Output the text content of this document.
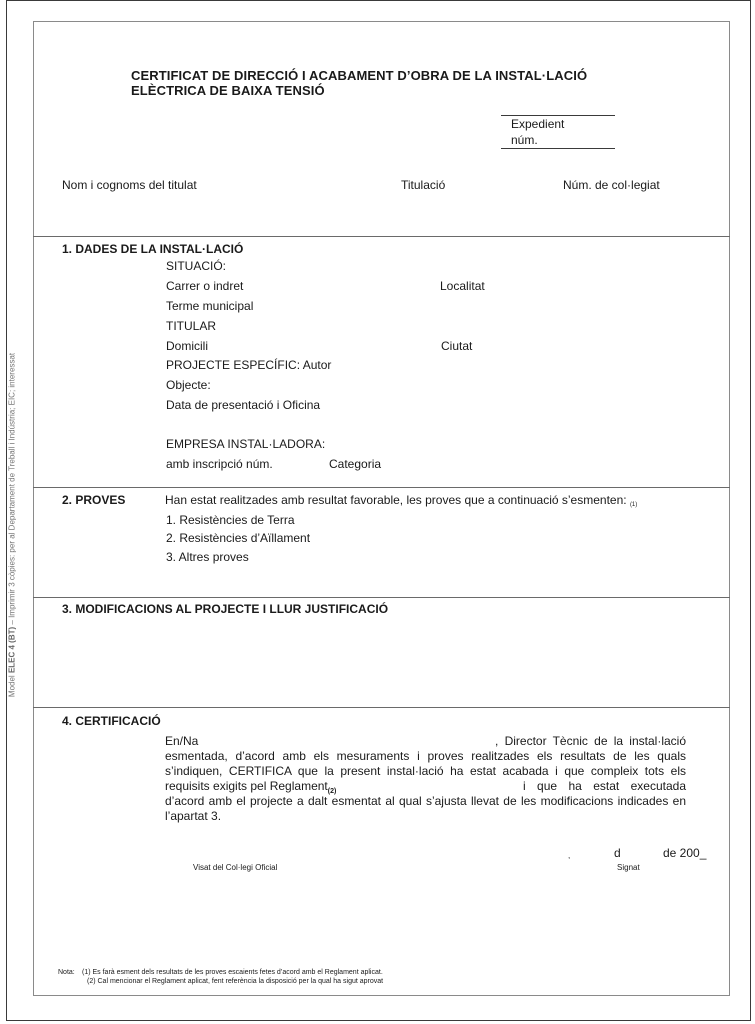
Model ELEC 4 (BT) – Imprimir 3 còpies: per al Departament de Treball i Indústria; EIC; interessat
CERTIFICAT DE DIRECCIÓ I ACABAMENT D’OBRA DE LA INSTAL·LACIÓ
ELÈCTRICA DE BAIXA TENSIÓ
Expedient
núm.
Nom i cognoms del titulat	Titulació	Núm. de col·legiat
1. DADES DE LA INSTAL·LACIÓ
SITUACIÓ:
Carrer o indret	Localitat
Terme municipal
TITULAR
Domicili	Ciutat
PROJECTE ESPECÍFIC: Autor
Objecte:
Data de presentació i Oficina
EMPRESA INSTAL·LADORA:
amb inscripció núm.	Categoria
2. PROVES	Han estat realitzades amb resultat favorable, les proves que a continuació s’esmenten: $_{(1)}$
1. Resistències de Terra
2. Resistències d’Aïllament
3. Altres proves
3. MODIFICACIONS AL PROJECTE I LLUR JUSTIFICACIÓ
4. CERTIFICACIÓ
En/Na	, Director Tècnic de la instal·lació
esmentada, d’acord amb els mesuraments i proves realitzades els resultats de les quals
s’indiquen, CERTIFICA que la present instal·lació ha estat acabada i que compleix tots els
requisits exigits pel Reglament$_{(2)}$	i que ha estat executada
d’acord amb el projecte a dalt esmentat al qual s’ajusta llevat de les modificacions indicades en
l’apartat 3.
,	d	de 200_
Visat del Col·legi Oficial	Signat
Nota: (1) Es farà esment dels resultats de les proves escaients fetes d’acord amb el Reglament aplicat.
(2) Cal mencionar el Reglament aplicat, fent referència la disposició per la qual ha sigut aprovat
